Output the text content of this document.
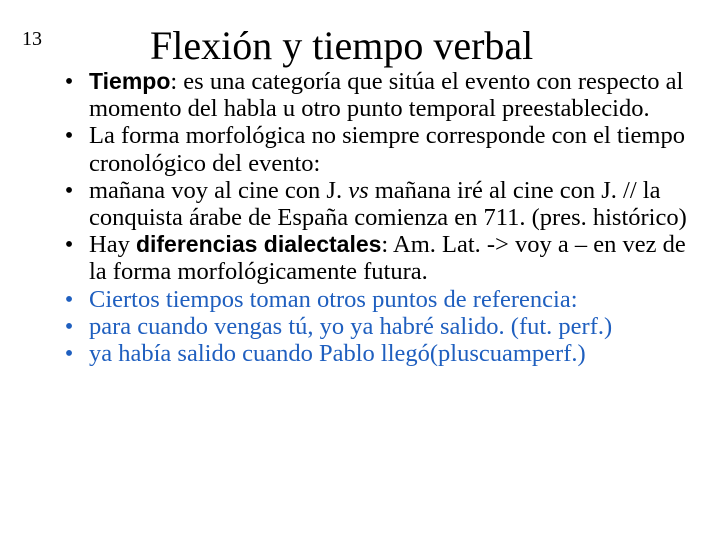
13	Flexión y tiempo verbal
• Tiempo: es una categoría que sitúa el evento con respecto al momento del habla u otro punto temporal preestablecido.
• La forma morfológica no siempre corresponde con el tiempo cronológico del evento:
• mañana voy al cine con J. vs mañana iré al cine con J. // la conquista árabe de España comienza en 711. (pres. histórico)
• Hay diferencias dialectales: Am. Lat. -> voy a – en vez de la forma morfológicamente futura.
• Ciertos tiempos toman otros puntos de referencia:
• para cuando vengas tú, yo ya habré salido. (fut. perf.)
• ya había salido cuando Pablo llegó(pluscuamperf.)
